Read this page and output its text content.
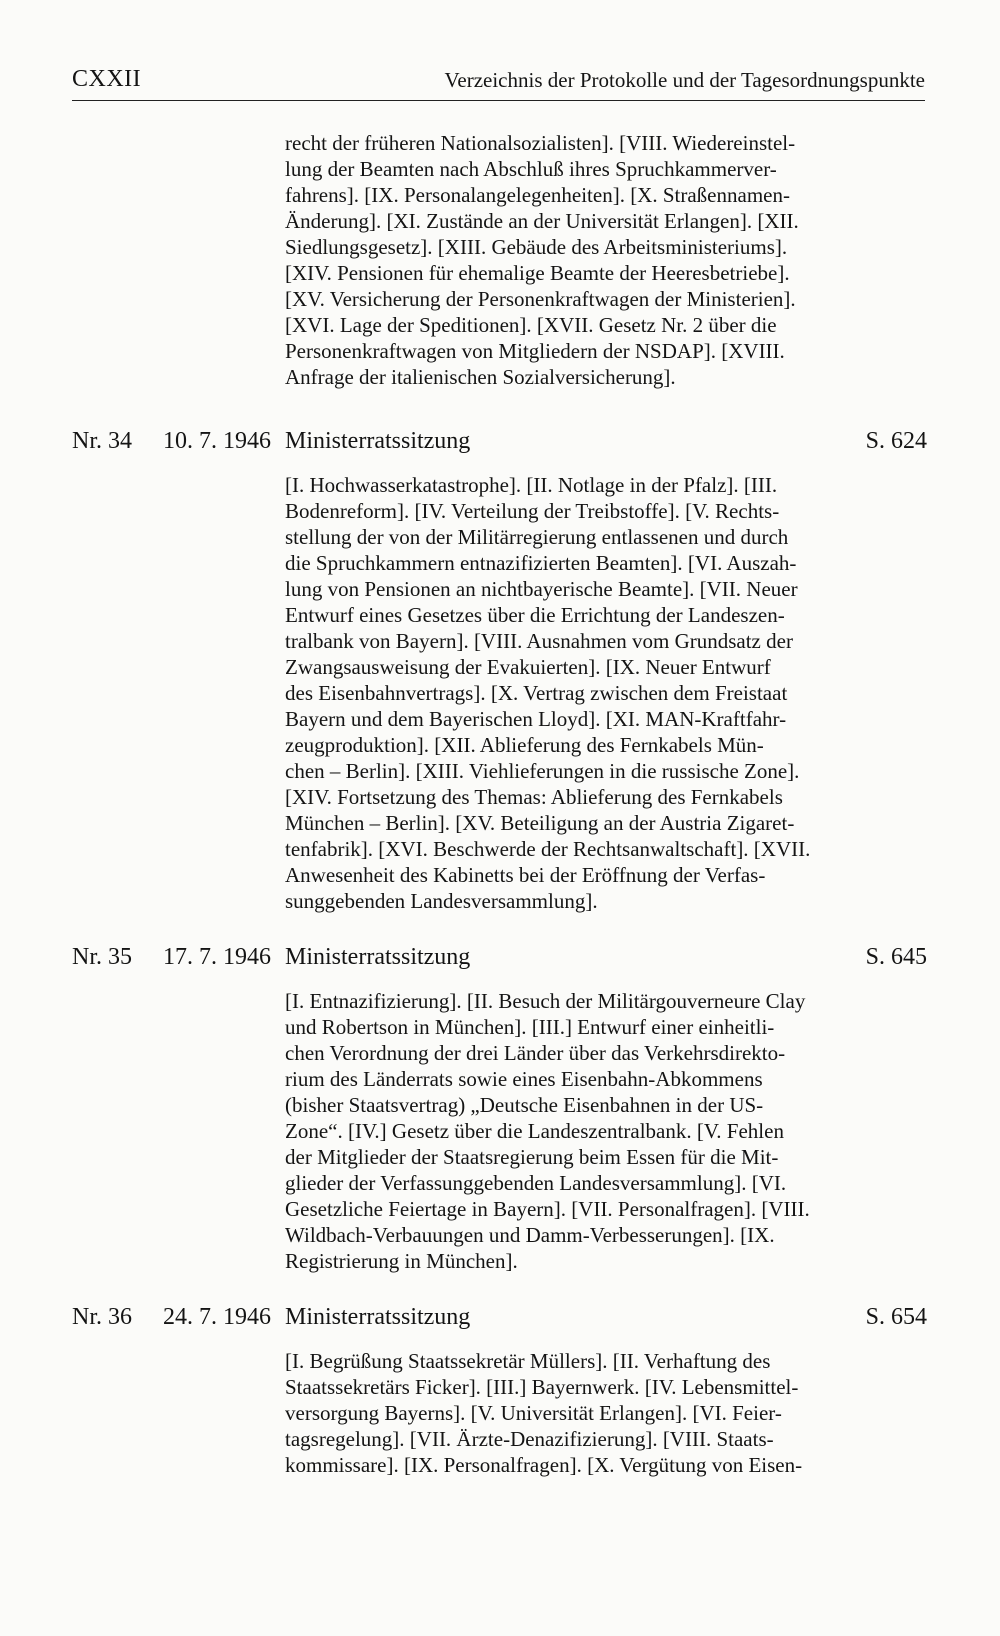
CXXII	Verzeichnis der Protokolle und der Tagesordnungspunkte

recht der früheren Nationalsozialisten]. [VIII. Wiedereinstel-
lung der Beamten nach Abschluß ihres Spruchkammerver-
fahrens]. [IX. Personalangelegenheiten]. [X. Straßennamen-
Änderung]. [XI. Zustände an der Universität Erlangen]. [XII.
Siedlungsgesetz]. [XIII. Gebäude des Arbeitsministeriums].
[XIV. Pensionen für ehemalige Beamte der Heeresbetriebe].
[XV. Versicherung der Personenkraftwagen der Ministerien].
[XVI. Lage der Speditionen]. [XVII. Gesetz Nr. 2 über die
Personenkraftwagen von Mitgliedern der NSDAP]. [XVIII.
Anfrage der italienischen Sozialversicherung].

Nr. 34 10. 7. 1946 Ministerratssitzung	S. 624

[I. Hochwasserkatastrophe]. [II. Notlage in der Pfalz]. [III.
Bodenreform]. [IV. Verteilung der Treibstoffe]. [V. Rechts-
stellung der von der Militärregierung entlassenen und durch
die Spruchkammern entnazifizierten Beamten]. [VI. Auszah-
lung von Pensionen an nichtbayerische Beamte]. [VII. Neuer
Entwurf eines Gesetzes über die Errichtung der Landeszen-
tralbank von Bayern]. [VIII. Ausnahmen vom Grundsatz der
Zwangsausweisung der Evakuierten]. [IX. Neuer Entwurf
des Eisenbahnvertrags]. [X. Vertrag zwischen dem Freistaat
Bayern und dem Bayerischen Lloyd]. [XI. MAN-Kraftfahr-
zeugproduktion]. [XII. Ablieferung des Fernkabels Mün-
chen – Berlin]. [XIII. Viehlieferungen in die russische Zone].
[XIV. Fortsetzung des Themas: Ablieferung des Fernkabels
München – Berlin]. [XV. Beteiligung an der Austria Zigaret-
tenfabrik]. [XVI. Beschwerde der Rechtsanwaltschaft]. [XVII.
Anwesenheit des Kabinetts bei der Eröffnung der Verfas-
sunggebenden Landesversammlung].

Nr. 35 17. 7. 1946 Ministerratssitzung	S. 645

[I. Entnazifizierung]. [II. Besuch der Militärgouverneure Clay
und Robertson in München]. [III.] Entwurf einer einheitli-
chen Verordnung der drei Länder über das Verkehrsdirekto-
rium des Länderrats sowie eines Eisenbahn-Abkommens
(bisher Staatsvertrag) „Deutsche Eisenbahnen in der US-
Zone“. [IV.] Gesetz über die Landeszentralbank. [V. Fehlen
der Mitglieder der Staatsregierung beim Essen für die Mit-
glieder der Verfassunggebenden Landesversammlung]. [VI.
Gesetzliche Feiertage in Bayern]. [VII. Personalfragen]. [VIII.
Wildbach-Verbauungen und Damm-Verbesserungen]. [IX.
Registrierung in München].

Nr. 36 24. 7. 1946 Ministerratssitzung	S. 654

[I. Begrüßung Staatssekretär Müllers]. [II. Verhaftung des
Staatssekretärs Ficker]. [III.] Bayernwerk. [IV. Lebensmittel-
versorgung Bayerns]. [V. Universität Erlangen]. [VI. Feier-
tagsregelung]. [VII. Ärzte-Denazifizierung]. [VIII. Staats-
kommissare]. [IX. Personalfragen]. [X. Vergütung von Eisen-
